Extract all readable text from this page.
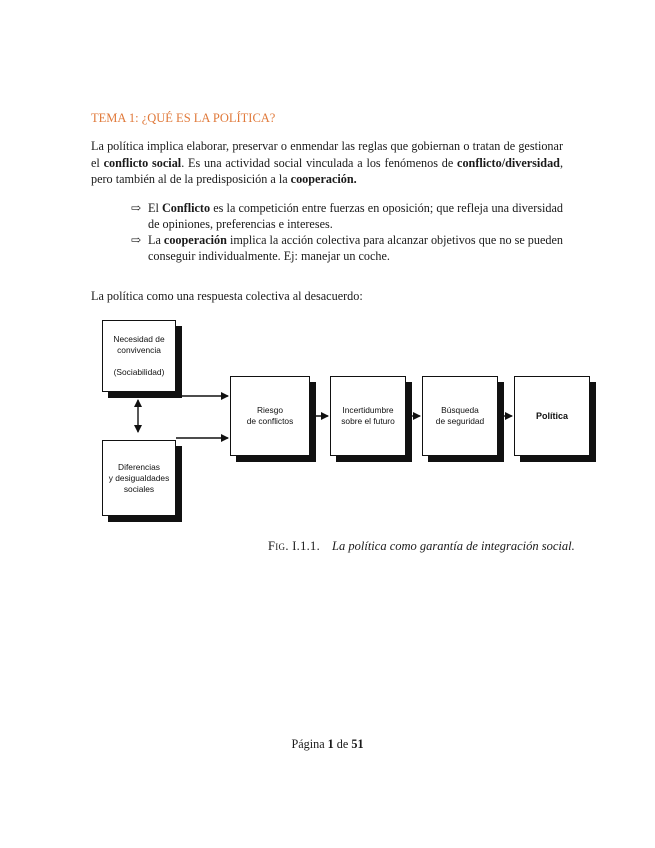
TEMA 1: ¿QUÉ ES LA POLÍTICA?

La política implica elaborar, preservar o enmendar las reglas que gobiernan o tratan de gestionar el conflicto social. Es una actividad social vinculada a los fenómenos de conflicto/diversidad, pero también al de la predisposición a la cooperación.

⇨ El Conflicto es la competición entre fuerzas en oposición; que refleja una diversidad de opiniones, preferencias e intereses.
⇨ La cooperación implica la acción colectiva para alcanzar objetivos que no se pueden conseguir individualmente. Ej: manejar un coche.

La política como una respuesta colectiva al desacuerdo:

Necesidad de
convivencia

(Sociabilidad)
Diferencias
y desigualdades
sociales
Riesgo
de conflictos
Incertidumbre
sobre el futuro
Búsqueda
de seguridad
Política

Fig. I.1.1. La política como garantía de integración social.

Página 1 de 51
